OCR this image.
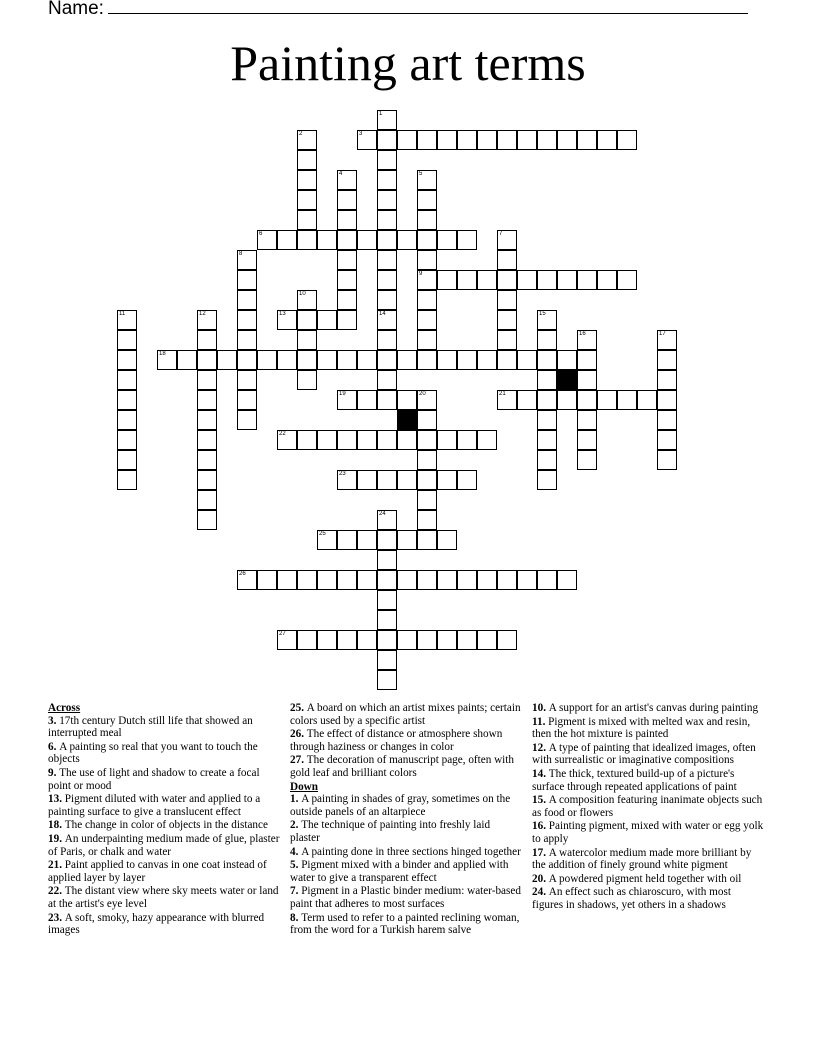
Name:
Painting art terms
1
2	3
4	5
9
6	7
8
10
11	12	13	14	15
16	17
18
19	20	21
22
23
24
25
26
27
Across
3. 17th century Dutch still life that showed an interrupted meal
6. A painting so real that you want to touch the objects
9. The use of light and shadow to create a focal point or mood
13. Pigment diluted with water and applied to a painting surface to give a translucent effect
18. The change in color of objects in the distance
19. An underpainting medium made of glue, plaster of Paris, or chalk and water
21. Paint applied to canvas in one coat instead of applied layer by layer
22. The distant view where sky meets water or land at the artist's eye level
23. A soft, smoky, hazy appearance with blurred images
25. A board on which an artist mixes paints; certain colors used by a specific artist
26. The effect of distance or atmosphere shown through haziness or changes in color
27. The decoration of manuscript page, often with gold leaf and brilliant colors
Down
1. A painting in shades of gray, sometimes on the outside panels of an altarpiece
2. The technique of painting into freshly laid plaster
4. A painting done in three sections hinged together
5. Pigment mixed with a binder and applied with water to give a transparent effect
7. Pigment in a Plastic binder medium: water-based paint that adheres to most surfaces
8. Term used to refer to a painted reclining woman, from the word for a Turkish harem salve
10. A support for an artist's canvas during painting
11. Pigment is mixed with melted wax and resin, then the hot mixture is painted
12. A type of painting that idealized images, often with surrealistic or imaginative compositions
14. The thick, textured build-up of a picture's surface through repeated applications of paint
15. A composition featuring inanimate objects such as food or flowers
16. Painting pigment, mixed with water or egg yolk to apply
17. A watercolor medium made more brilliant by the addition of finely ground white pigment
20. A powdered pigment held together with oil
24. An effect such as chiaroscuro, with most figures in shadows, yet others in a shadows
